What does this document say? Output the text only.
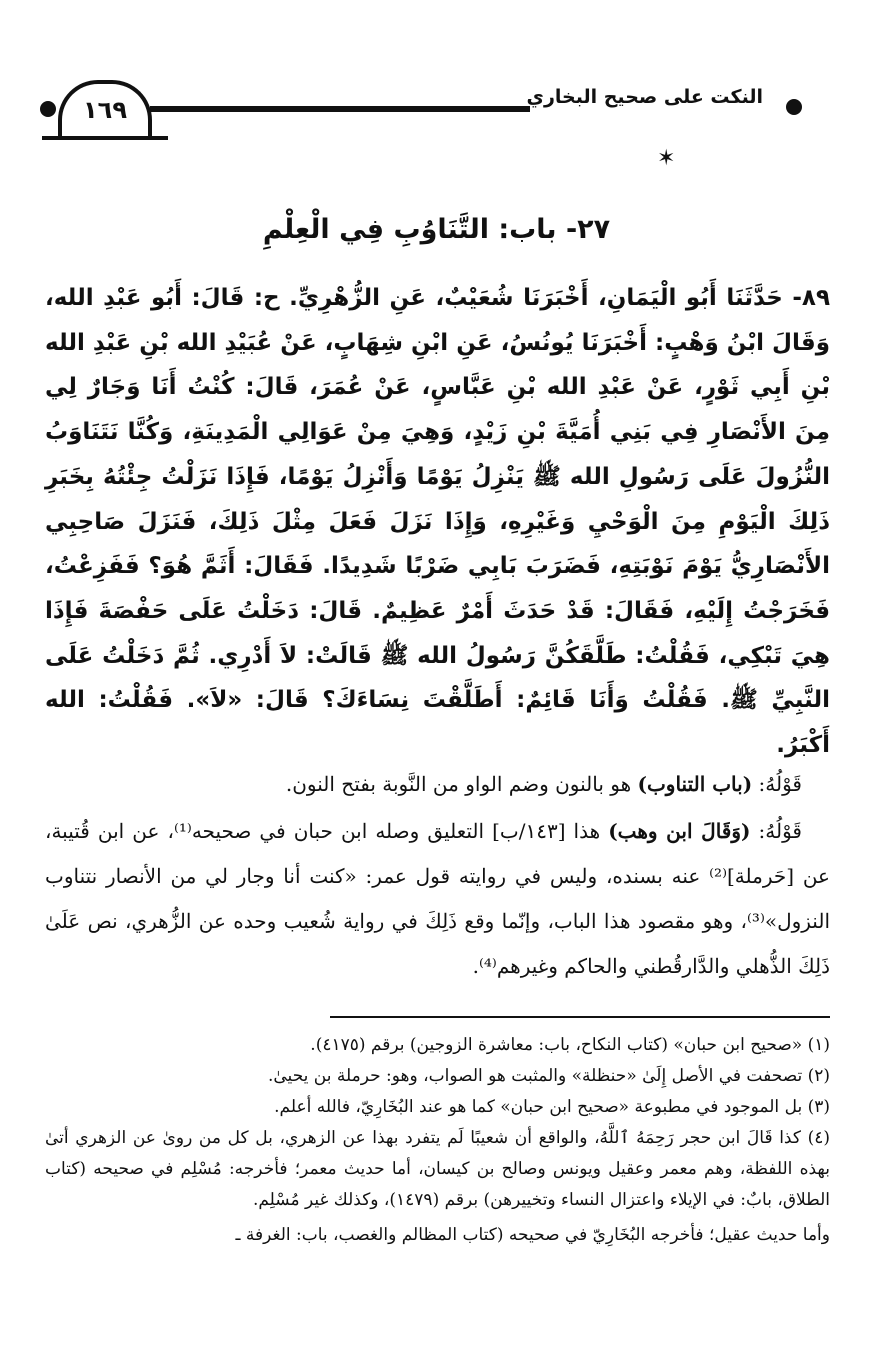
١٦٩	النكت على صحيح البخاري
✶
٢٧- باب: التَّنَاوُبِ فِي الْعِلْمِ
٨٩- حَدَّثَنَا أَبُو الْيَمَانِ، أَخْبَرَنَا شُعَيْبٌ، عَنِ الزُّهْرِيِّ. ح: قَالَ: أَبُو عَبْدِ الله، وَقَالَ ابْنُ وَهْبٍ: أَخْبَرَنَا يُونُسُ، عَنِ ابْنِ شِهَابٍ، عَنْ عُبَيْدِ الله بْنِ عَبْدِ الله بْنِ أَبِي ثَوْرٍ، عَنْ عَبْدِ الله بْنِ عَبَّاسٍ، عَنْ عُمَرَ، قَالَ: كُنْتُ أَنَا وَجَارٌ لِي مِنَ الأَنْصَارِ فِي بَنِي أُمَيَّةَ بْنِ زَيْدٍ، وَهِيَ مِنْ عَوَالِي الْمَدِينَةِ، وَكُنَّا نَتَنَاوَبُ النُّزُولَ عَلَى رَسُولِ الله ﷺ يَنْزِلُ يَوْمًا وَأَنْزِلُ يَوْمًا، فَإِذَا نَزَلْتُ جِئْتُهُ بِخَبَرِ ذَلِكَ الْيَوْمِ مِنَ الْوَحْيِ وَغَيْرِهِ، وَإِذَا نَزَلَ فَعَلَ مِثْلَ ذَلِكَ، فَنَزَلَ صَاحِبِي الأَنْصَارِيُّ يَوْمَ نَوْبَتِهِ، فَضَرَبَ بَابِي ضَرْبًا شَدِيدًا. فَقَالَ: أَثَمَّ هُوَ؟ فَفَزِعْتُ، فَخَرَجْتُ إِلَيْهِ، فَقَالَ: قَدْ حَدَثَ أَمْرٌ عَظِيمٌ. قَالَ: دَخَلْتُ عَلَى حَفْصَةَ فَإِذَا هِيَ تَبْكِي، فَقُلْتُ: طَلَّقَكُنَّ رَسُولُ الله ﷺ قَالَتْ: لاَ أَدْرِي. ثُمَّ دَخَلْتُ عَلَى النَّبِيِّ ﷺ. فَقُلْتُ وَأَنَا قَائِمٌ: أَطَلَّقْتَ نِسَاءَكَ؟ قَالَ: «لاَ». فَقُلْتُ: الله أَكْبَرُ.

قَوْلُهُ: (باب التناوب) هو بالنون وضم الواو من النَّوبة بفتح النون.

قَوْلُهُ: (وَقَالَ ابن وهب) هذا [١٤٣/ب] التعليق وصله ابن حبان في صحيحه⁽¹⁾، عن ابن قُتيبة، عن [حَرملة]⁽²⁾ عنه بسنده، وليس في روايته قول عمر: «كنت أنا وجار لي من الأنصار نتناوب النزول»⁽³⁾، وهو مقصود هذا الباب، وإنّما وقع ذَلِكَ في رواية شُعيب وحده عن الزُّهري، نص عَلَىٰ ذَلِكَ الذُّهلي والدَّارقُطني والحاكم وغيرهم⁽⁴⁾.

(١) «صحيح ابن حبان» (كتاب النكاح، باب: معاشرة الزوجين) برقم (٤١٧٥).

(٢) تصحفت في الأصل إِلَىٰ «حنظلة» والمثبت هو الصواب، وهو: حرملة بن يحيىٰ.

(٣) بل الموجود في مطبوعة «صحيح ابن حبان» كما هو عند البُخَارِيّ، فالله أعلم.

(٤) كذا قَالَ ابن حجر رَحِمَهُ ٱللَّهُ، والواقع أن شعيبًا لَم يتفرد بهذا عن الزهري، بل كل من روىٰ عن الزهري أتىٰ بهذه اللفظة، وهم معمر وعقيل ويونس وصالح بن كيسان، أما حديث معمر؛ فأخرجه: مُسْلِم في صحيحه (كتاب الطلاق، بابٌ: في الإيلاء واعتزال النساء وتخييرهن) برقم (١٤٧٩)، وكذلك غير مُسْلِم.

وأما حديث عقيل؛ فأخرجه البُخَارِيّ في صحيحه (كتاب المظالم والغصب، باب: الغرفة ـ
